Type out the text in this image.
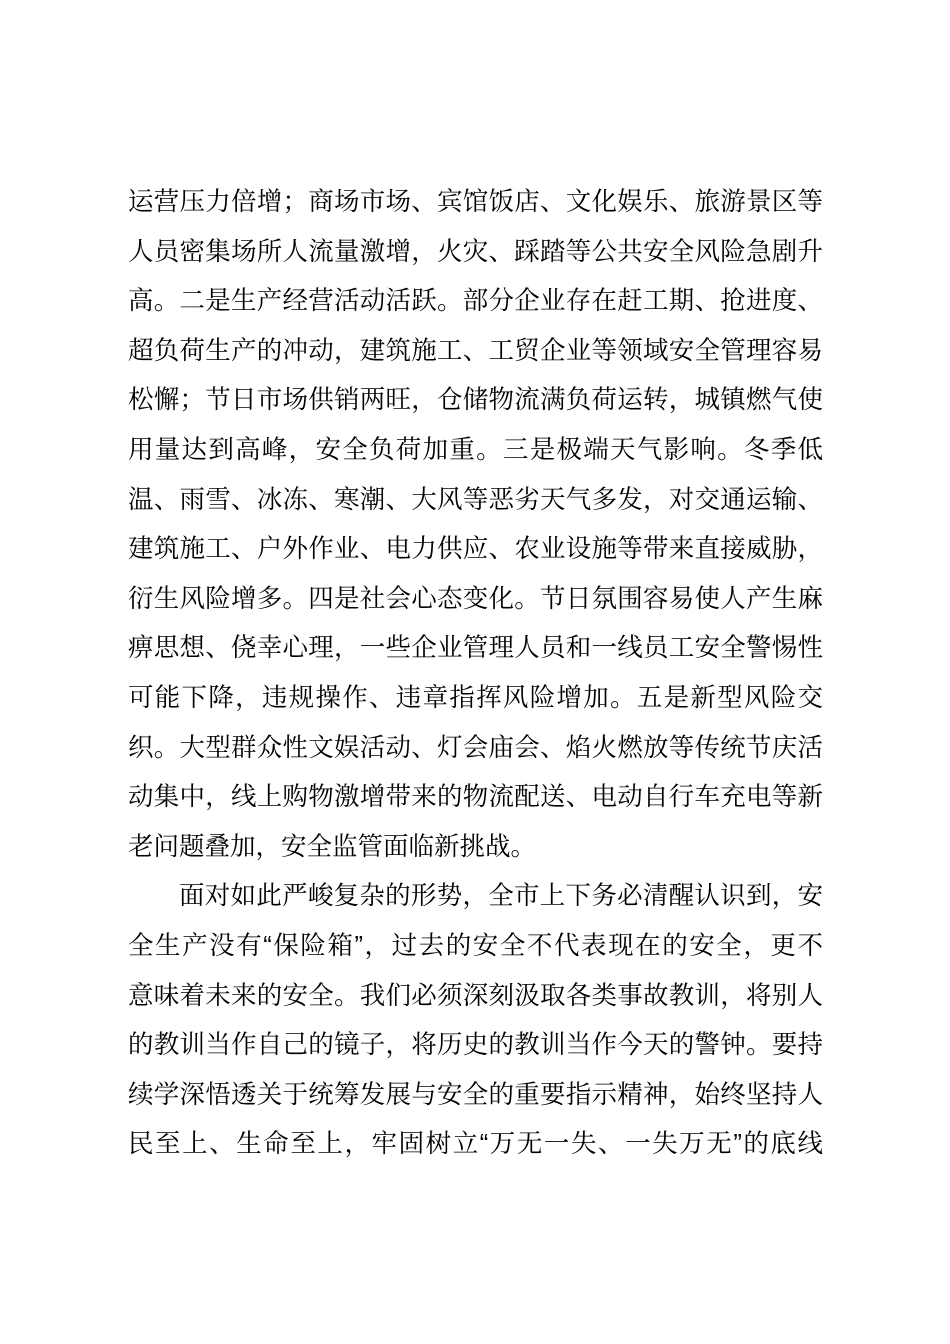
运营压力倍增；商场市场、宾馆饭店、文化娱乐、旅游景区等
人员密集场所人流量激增，火灾、踩踏等公共安全风险急剧升
高。二是生产经营活动活跃。部分企业存在赶工期、抢进度、
超负荷生产的冲动，建筑施工、工贸企业等领域安全管理容易
松懈；节日市场供销两旺，仓储物流满负荷运转，城镇燃气使
用量达到高峰，安全负荷加重。三是极端天气影响。冬季低
温、雨雪、冰冻、寒潮、大风等恶劣天气多发，对交通运输、
建筑施工、户外作业、电力供应、农业设施等带来直接威胁，
衍生风险增多。四是社会心态变化。节日氛围容易使人产生麻
痹思想、侥幸心理，一些企业管理人员和一线员工安全警惕性
可能下降，违规操作、违章指挥风险增加。五是新型风险交
织。大型群众性文娱活动、灯会庙会、焰火燃放等传统节庆活
动集中，线上购物激增带来的物流配送、电动自行车充电等新
老问题叠加，安全监管面临新挑战。
面对如此严峻复杂的形势，全市上下务必清醒认识到，安
全生产没有“保险箱”，过去的安全不代表现在的安全，更不
意味着未来的安全。我们必须深刻汲取各类事故教训，将别人
的教训当作自己的镜子，将历史的教训当作今天的警钟。要持
续学深悟透关于统筹发展与安全的重要指示精神，始终坚持人
民至上、生命至上，牢固树立“万无一失、一失万无”的底线
